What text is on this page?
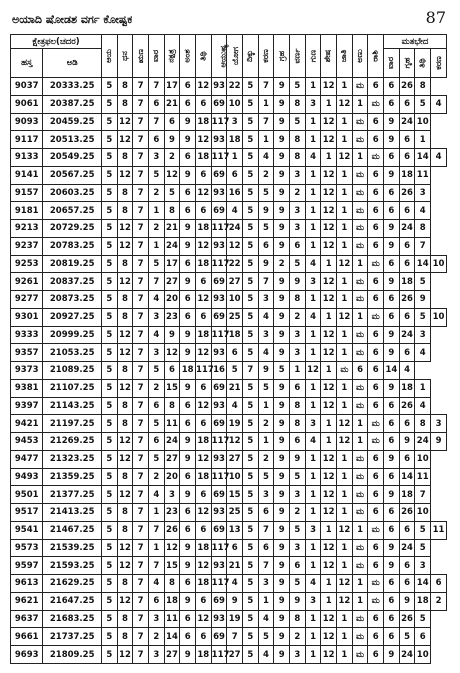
ಅಯಾದಿ ಷೋಡಶ ವರ್ಗ ಕೋಷ್ಟಕ	87
ಕ್ಷೇತ್ರಫಲ(ಚದರ)		ಆಯ	ಧನ	ಋಣ	ವಾರ	ನಕ್ಷತ್ರ	ಅಂಶ	ತಿಥಿ	ಆಯುಷ್ಯ	ಯೋಗ	ದಿಕ್ಕು	ಕರಣ	ಗ್ರಹ	ವರ್ಣ	ಗುಣ	ಶೇಷ	ಜಾತಿ	ಅಣು	ರಾಶಿ	ಮತಭೇದ			
ಹಸ್ತ	ಅಡಿ																			ವಾರ	ಗೃಹ	ತಿಥಿ	ಕರಣ
9037	20333.25	5	8	7	7	17	6	12	93	22	5	7	9	5	1	12	1	ಮ	6	6	26	8	
9061	20387.25	5	8	7	6	21	6	6	69	10	5	1	9	8	3	1	12	1	ಮ	6	6	5	4
9093	20459.25	5	12	7	7	6	9	18	117	3	5	7	9	5	1	12	1	ಮ	6	9	24	10	
9117	20513.25	5	12	7	6	9	9	12	93	18	5	1	9	8	1	12	1	ಮ	6	9	6	1	
9133	20549.25	5	8	7	3	2	6	18	117	1	5	4	9	8	4	1	12	1	ಮ	6	6	14	4
9141	20567.25	5	12	7	5	12	9	6	69	6	5	2	9	3	1	12	1	ಮ	6	9	18	11	
9157	20603.25	5	8	7	2	5	6	12	93	16	5	5	9	2	1	12	1	ಮ	6	6	26	3	
9181	20657.25	5	8	7	1	8	6	6	69	4	5	9	9	3	1	12	1	ಮ	6	6	6	4	
9213	20729.25	5	12	7	2	21	9	18	117	24	5	5	9	3	1	12	1	ಮ	6	9	24	8	
9237	20783.25	5	12	7	1	24	9	12	93	12	5	6	9	6	1	12	1	ಮ	6	9	6	7	
9253	20819.25	5	8	7	5	17	6	18	117	22	5	9	2	5	4	1	12	1	ಮ	6	6	14	10
9261	20837.25	5	12	7	7	27	9	6	69	27	5	7	9	9	3	12	1	ಮ	6	9	18	5	
9277	20873.25	5	8	7	4	20	6	12	93	10	5	3	9	8	1	12	1	ಮ	6	6	26	9	
9301	20927.25	5	8	7	3	23	6	6	69	25	5	4	9	2	4	1	12	1	ಮ	6	6	5	10
9333	20999.25	5	12	7	4	9	9	18	117	18	5	3	9	3	1	12	1	ಮ	6	9	24	3	
9357	21053.25	5	12	7	3	12	9	12	93	6	5	4	9	3	1	12	1	ಮ	6	9	6	4	
9373	21089.25	5	8	7	5	6	18	117	16	5	7	9	5	1	12	1	ಮ	6	6	14	4		
9381	21107.25	5	12	7	2	15	9	6	69	21	5	5	9	6	1	12	1	ಮ	6	9	18	1	
9397	21143.25	5	8	7	6	8	6	12	93	4	5	1	9	8	1	12	1	ಮ	6	6	26	4	
9421	21197.25	5	8	7	5	11	6	6	69	19	5	2	9	8	3	1	12	1	ಮ	6	6	8	3
9453	21269.25	5	12	7	6	24	9	18	117	12	5	1	9	6	4	1	12	1	ಮ	6	9	24	9
9477	21323.25	5	12	7	5	27	9	12	93	27	5	2	9	9	1	12	1	ಮ	6	9	6	10	
9493	21359.25	5	8	7	2	20	6	18	117	10	5	5	9	5	1	12	1	ಮ	6	6	14	11	
9501	21377.25	5	12	7	4	3	9	6	69	15	5	3	9	3	1	12	1	ಮ	6	9	18	7	
9517	21413.25	5	8	7	1	23	6	12	93	25	5	6	9	2	1	12	1	ಮ	6	6	26	10	
9541	21467.25	5	8	7	7	26	6	6	69	13	5	7	9	5	3	1	12	1	ಮ	6	6	5	11
9573	21539.25	5	12	7	1	12	9	18	117	6	5	6	9	3	1	12	1	ಮ	6	9	24	5	
9597	21593.25	5	12	7	7	15	9	12	93	21	5	7	9	6	1	12	1	ಮ	6	9	6	3	
9613	21629.25	5	8	7	4	8	6	18	117	4	5	3	9	5	4	1	12	1	ಮ	6	6	14	6
9621	21647.25	5	12	7	6	18	9	6	69	9	5	1	9	9	3	1	12	1	ಮ	6	9	18	2
9637	21683.25	5	8	7	3	11	6	12	93	19	5	4	9	8	1	12	1	ಮ	6	6	26	5	
9661	21737.25	5	8	7	2	14	6	6	69	7	5	5	9	2	1	12	1	ಮ	6	6	5	6	
9693	21809.25	5	12	7	3	27	9	18	117	27	5	4	9	3	1	12	1	ಮ	6	9	24	10	
